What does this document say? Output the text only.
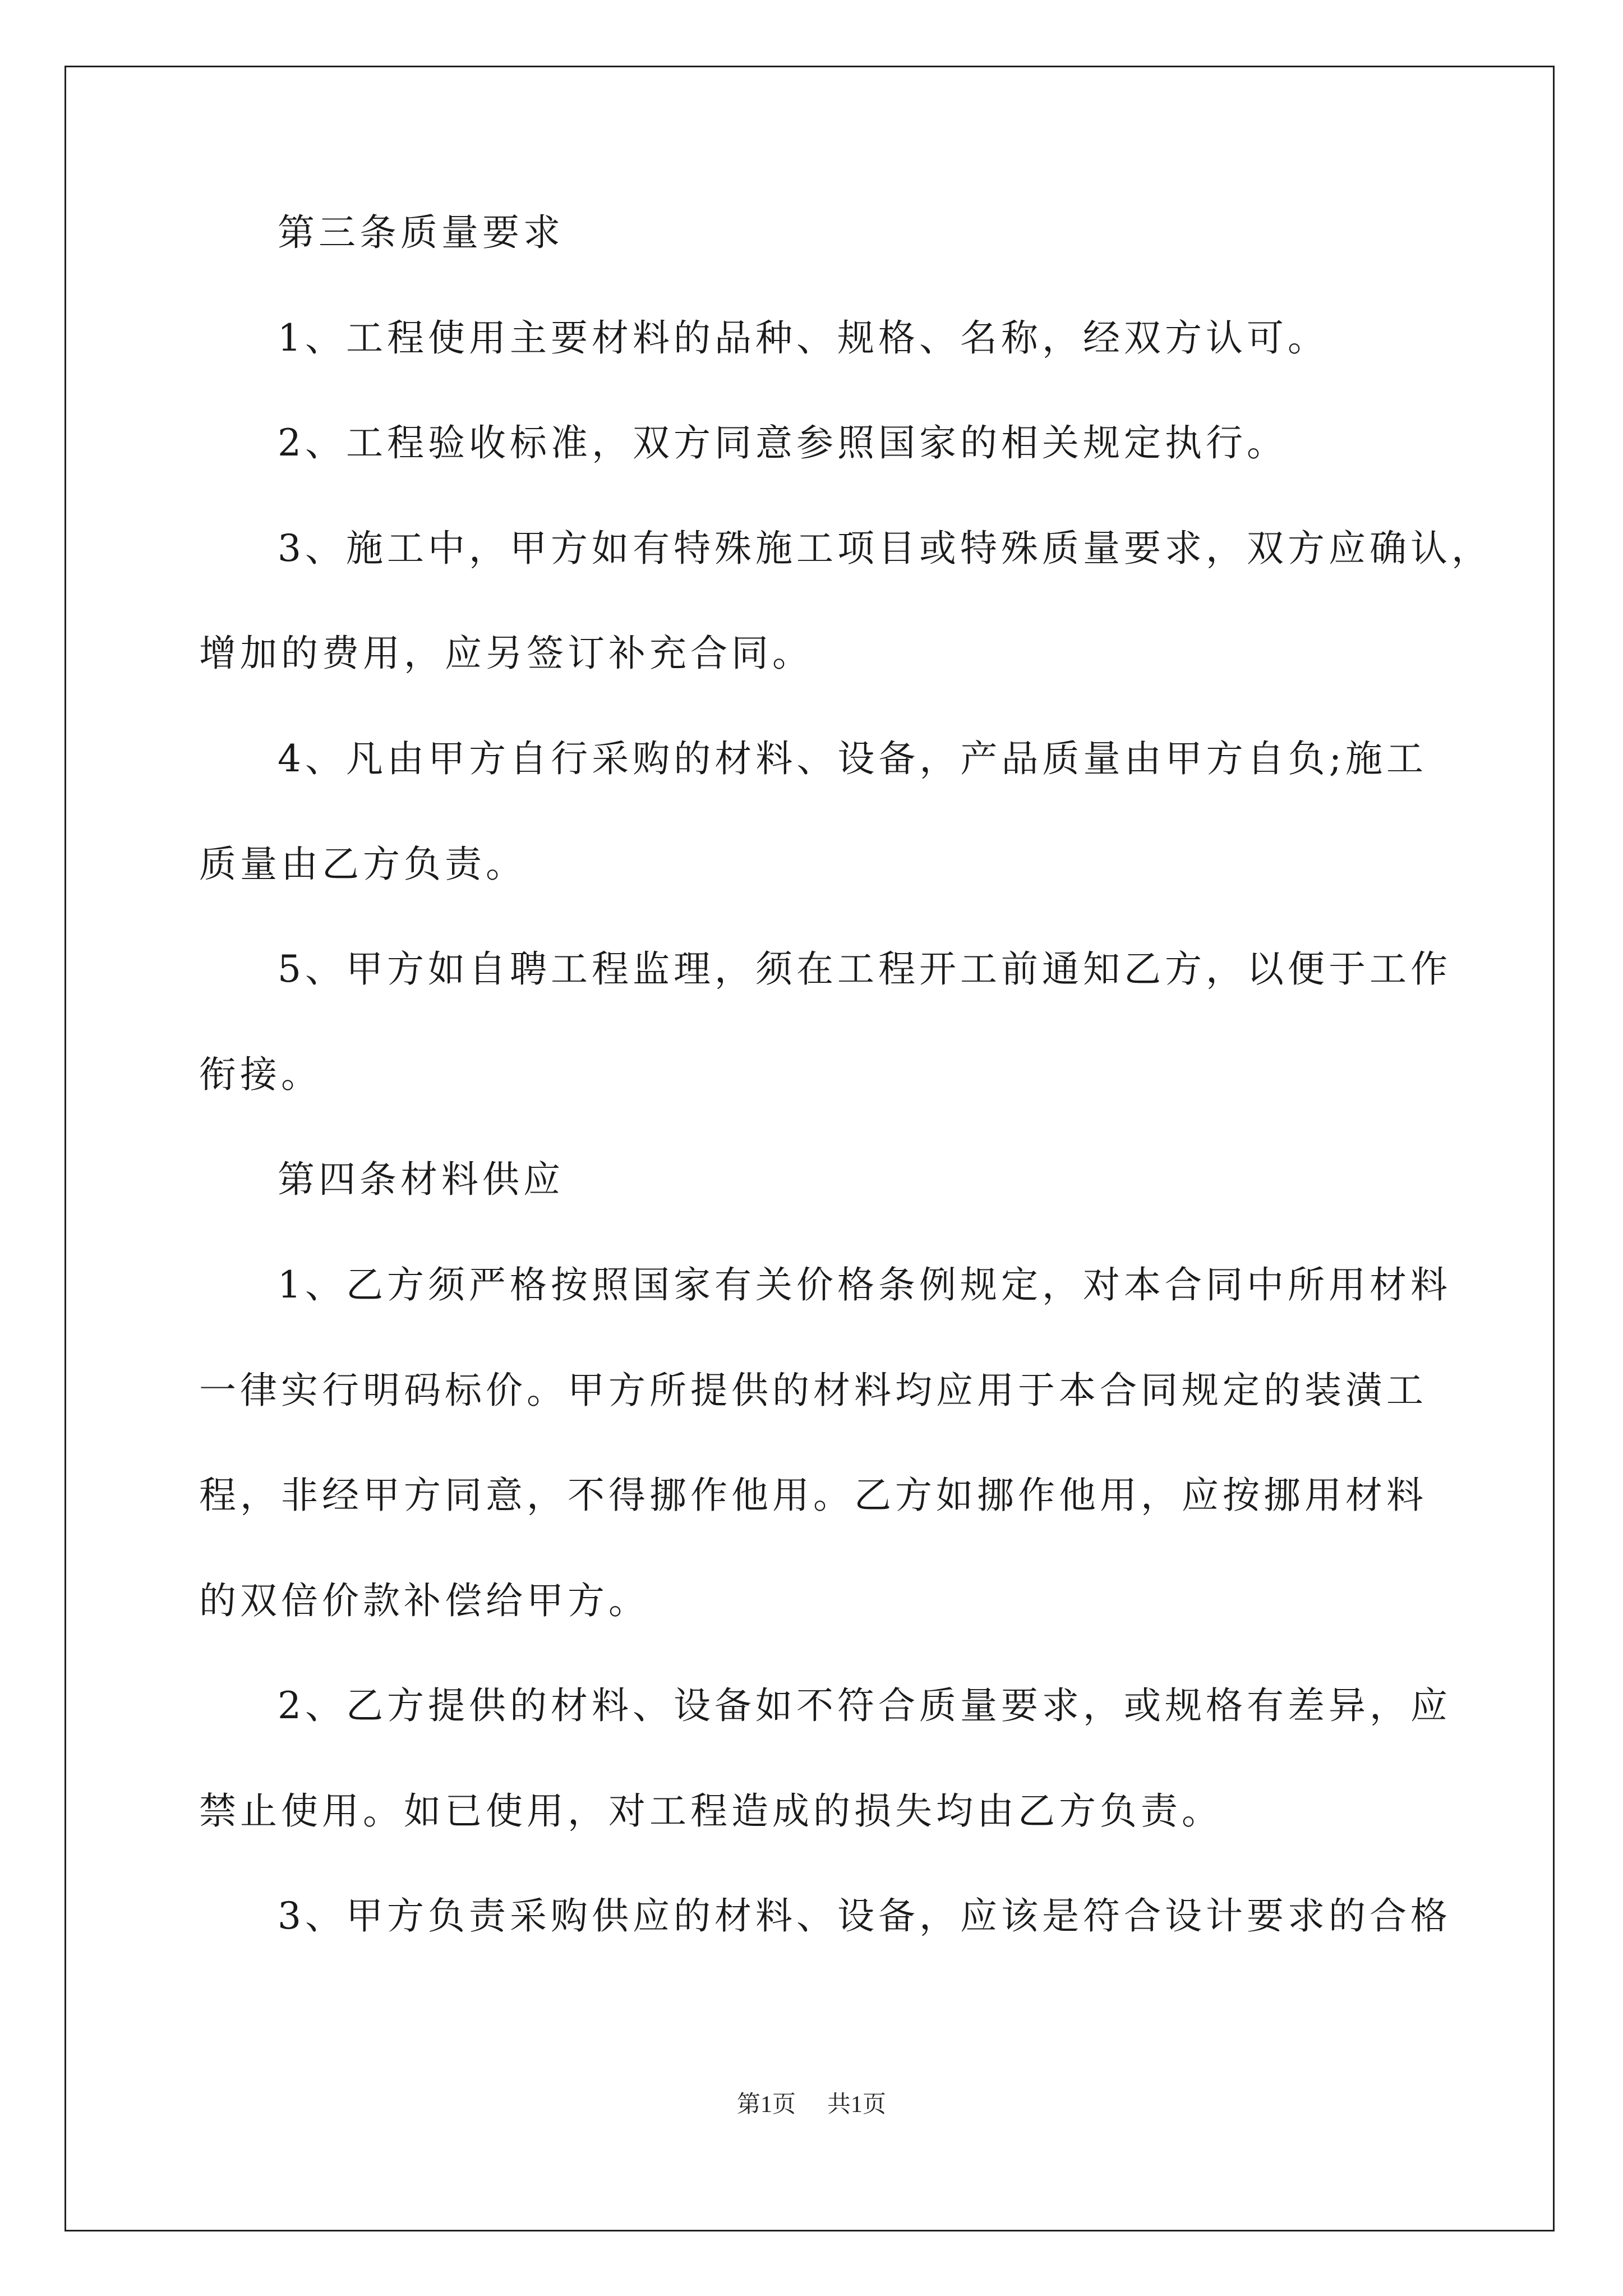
第三条质量要求
1、工程使用主要材料的品种、规格、名称，经双方认可。
2、工程验收标准，双方同意参照国家的相关规定执行。
3、施工中，甲方如有特殊施工项目或特殊质量要求，双方应确认，
增加的费用，应另签订补充合同。
4、凡由甲方自行采购的材料、设备，产品质量由甲方自负;施工
质量由乙方负责。
5、甲方如自聘工程监理，须在工程开工前通知乙方，以便于工作
衔接。
第四条材料供应
1、乙方须严格按照国家有关价格条例规定，对本合同中所用材料
一律实行明码标价。甲方所提供的材料均应用于本合同规定的装潢工
程，非经甲方同意，不得挪作他用。乙方如挪作他用，应按挪用材料
的双倍价款补偿给甲方。
2、乙方提供的材料、设备如不符合质量要求，或规格有差异，应
禁止使用。如已使用，对工程造成的损失均由乙方负责。
3、甲方负责采购供应的材料、设备，应该是符合设计要求的合格
第1页 共1页
